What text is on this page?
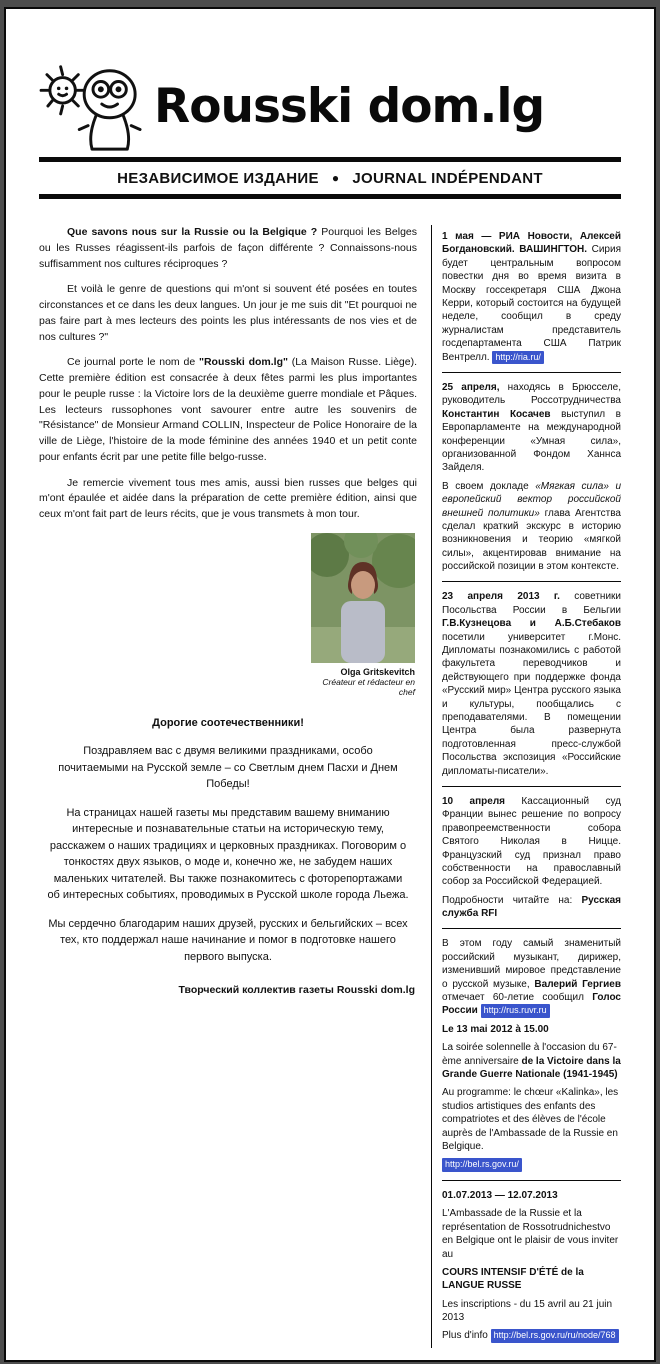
Rousski dom.lg
НЕЗАВИСИМОЕ ИЗДАНИЕ ● JOURNAL INDÉPENDANT

Que savons nous sur la Russie ou la Belgique ? Pourquoi les Belges ou les Russes réagissent-ils parfois de façon différente ? Connaissons-nous suffisamment nos cultures réciproques ?

Et voilà le genre de questions qui m'ont si souvent été posées en toutes circonstances et ce dans les deux langues. Un jour je me suis dit "Et pourquoi ne pas faire part à mes lecteurs des points les plus intéressants de nos vies et de nos cultures ?"

Ce journal porte le nom de "Rousski dom.lg" (La Maison Russe. Liège). Cette première édition est consacrée à deux fêtes parmi les plus importantes pour le peuple russe : la Victoire lors de la deuxième guerre mondiale et Pâques. Les lecteurs russophones vont savourer entre autre les souvenirs de "Résistance" de Monsieur Armand COLLIN, Inspecteur de Police Honoraire de la ville de Liège, l'histoire de la mode féminine des années 1940 et un petit conte pour enfants écrit par une petite fille belgo-russe.

Je remercie vivement tous mes amis, aussi bien russes que belges qui m'ont épaulée et aidée dans la préparation de cette première édition, ainsi que ceux m'ont fait part de leurs récits, que je vous transmets à mon tour.

Olga Gritskevitch
Créateur et rédacteur en chef

Дорогие соотечественники!

Поздравляем вас с двумя великими праздниками, особо почитаемыми на Русской земле – со Светлым днем Пасхи и Днем Победы!

На страницах нашей газеты мы представим вашему вниманию интересные и познавательные статьи на историческую тему, расскажем о наших традициях и церковных праздниках. Поговорим о тонкостях двух языков, о моде и, конечно же, не забудем наших маленьких читателей. Вы также познакомитесь с фоторепортажами об интересных событиях, проводимых в Русской школе города Льежа.

Мы сердечно благодарим наших друзей, русских и бельгийских – всех тех, кто поддержал наше начинание и помог в подготовке нашего первого выпуска.

Творческий коллектив газеты Rousski dom.lg

1 мая — РИА Новости, Алексей Богдановский. ВАШИНГТОН. Сирия будет центральным вопросом повестки дня во время визита в Москву госсекретаря США Джона Керри, который состоится на будущей неделе, сообщил в среду журналистам представитель госдепартамента США Патрик Вентрелл. http://ria.ru/

25 апреля, находясь в Брюсселе, руководитель Россотрудничества Константин Косачев выступил в Европарламенте на международной конференции «Умная сила», организованной Фондом Ханнса Зайделя.

В своем докладе «Мягкая сила» и европейский вектор российской внешней политики» глава Агентства сделал краткий экскурс в историю возникновения и теорию «мягкой силы», акцентировав внимание на российской позиции в этом контексте.

23 апреля 2013 г. советники Посольства России в Бельгии Г.В.Кузнецова и А.Б.Стебаков посетили университет г.Монс. Дипломаты познакомились с работой факультета переводчиков и действующего при поддержке фонда «Русский мир» Центра русского языка и культуры, пообщались с преподавателями. В помещении Центра была развернута подготовленная пресс-службой Посольства экспозиция «Российские дипломаты-писатели».

10 апреля Кассационный суд Франции вынес решение по вопросу правопреемственности собора Святого Николая в Ницце. Французский суд признал право собственности на православный собор за Российской Федерацией.

Подробности читайте на: Русская служба RFI

В этом году самый знаменитый российский музыкант, дирижер, изменивший мировое представление о русской музыке, Валерий Гергиев отмечает 60-летие сообщил Голос России http://rus.ruvr.ru

Le 13 mai 2012 à 15.00

La soirée solennelle à l'occasion du 67-ème anniversaire de la Victoire dans la Grande Guerre Nationale (1941-1945)

Au programme: le chœur «Kalinka», les studios artistiques des enfants des compatriotes et des élèves de l'école auprès de l'Ambassade de la Russie en Belgique.

http://bel.rs.gov.ru/

01.07.2013 — 12.07.2013

L'Ambassade de la Russie et la représentation de Rossotrudnichestvo en Belgique ont le plaisir de vous inviter au

COURS INTENSIF D'ÉTÉ de la LANGUE RUSSE

Les inscriptions - du 15 avril au 21 juin 2013

Plus d'info http://bel.rs.gov.ru/ru/node/768
